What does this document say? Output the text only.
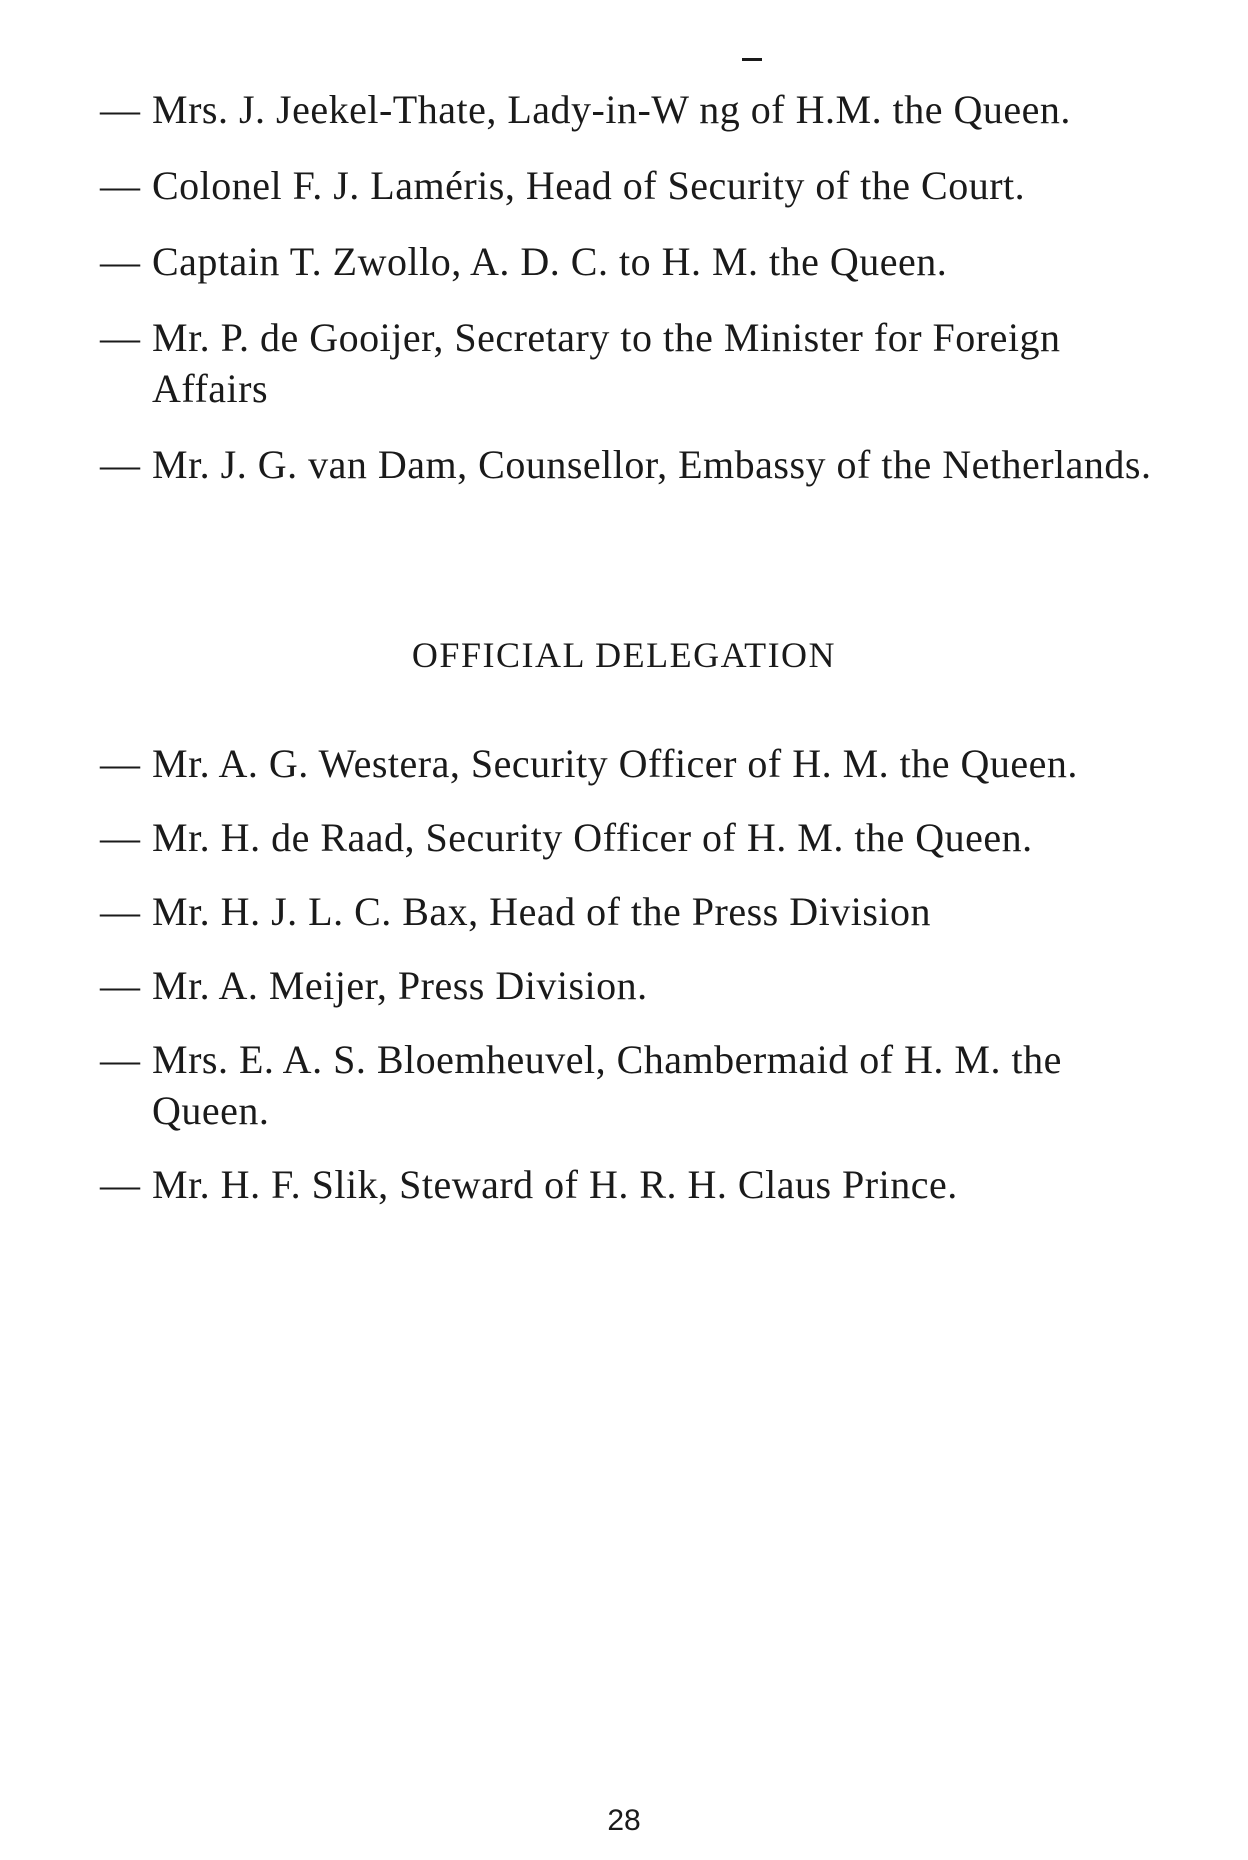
— Mrs. J. Jeekel-Thate, Lady-in-W ng of H.M. the Queen.
— Colonel F. J. Laméris, Head of Security of the Court.
— Captain T. Zwollo, A. D. C. to H. M. the Queen.
— Mr. P. de Gooijer, Secretary to the Minister for Foreign Affairs
— Mr. J. G. van Dam, Counsellor, Embassy of the Netherlands.
OFFICIAL DELEGATION
— Mr. A. G. Westera, Security Officer of H. M. the Queen.
— Mr. H. de Raad, Security Officer of H. M. the Queen.
— Mr. H. J. L. C. Bax, Head of the Press Division
— Mr. A. Meijer, Press Division.
— Mrs. E. A. S. Bloemheuvel, Chambermaid of H. M. the Queen.
— Mr. H. F. Slik, Steward of H. R. H. Claus Prince.
28
